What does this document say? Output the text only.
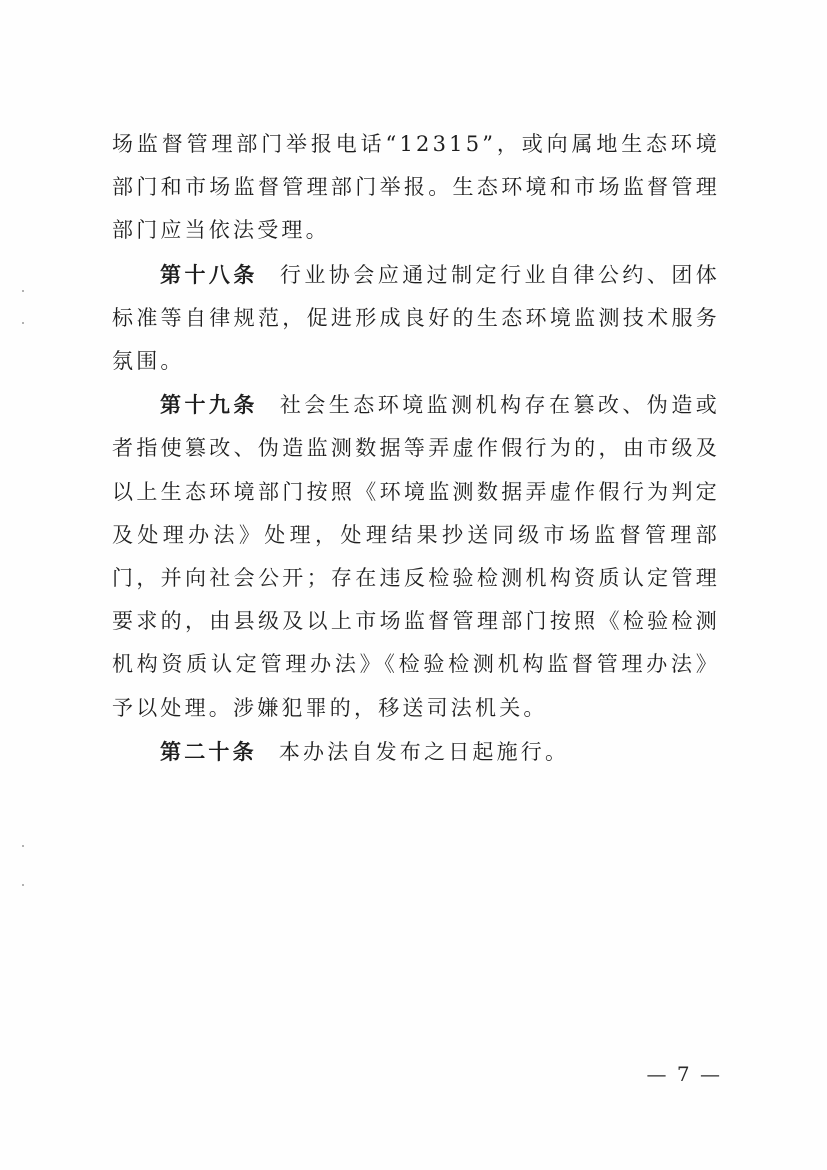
场监督管理部门举报电话“12315”，或向属地生态环境部门和市场监督管理部门举报。生态环境和市场监督管理部门应当依法受理。

第十八条 行业协会应通过制定行业自律公约、团体标准等自律规范，促进形成良好的生态环境监测技术服务氛围。

第十九条 社会生态环境监测机构存在篡改、伪造或者指使篡改、伪造监测数据等弄虚作假行为的，由市级及以上生态环境部门按照《环境监测数据弄虚作假行为判定及处理办法》处理，处理结果抄送同级市场监督管理部门，并向社会公开；存在违反检验检测机构资质认定管理要求的，由县级及以上市场监督管理部门按照《检验检测机构资质认定管理办法》《检验检测机构监督管理办法》予以处理。涉嫌犯罪的，移送司法机关。

第二十条 本办法自发布之日起施行。

— 7 —
